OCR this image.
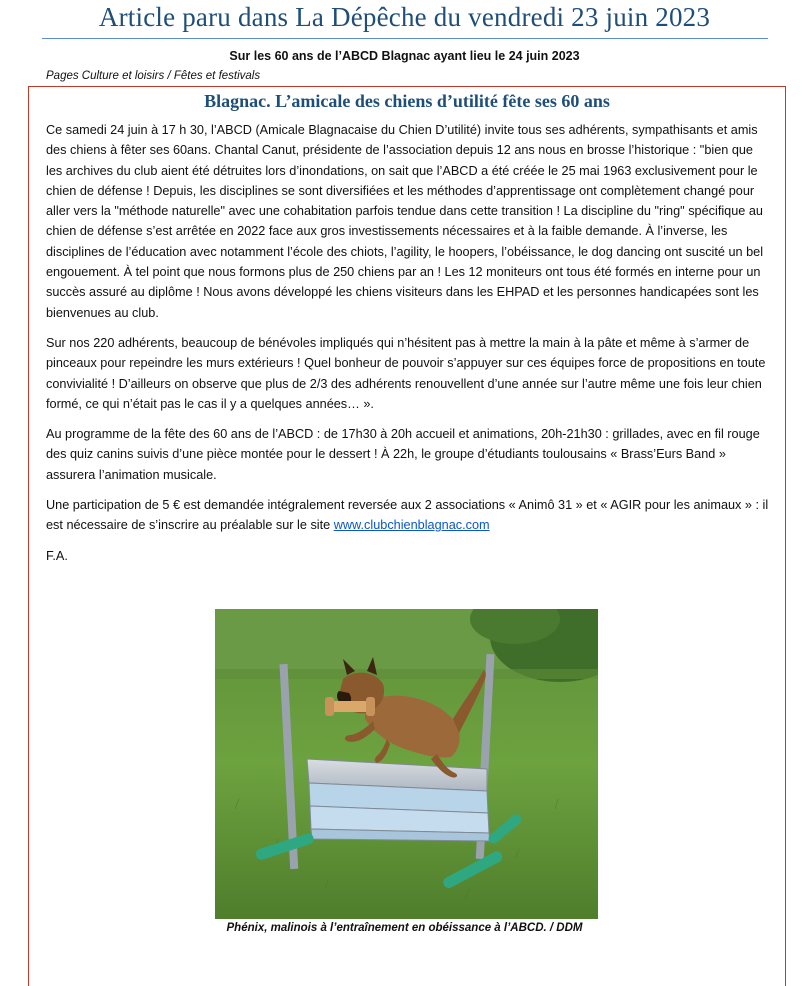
Article paru dans La Dépêche du vendredi 23 juin 2023
Sur les 60 ans de l’ABCD Blagnac ayant lieu le 24 juin 2023
Pages Culture et loisirs / Fêtes et festivals
Blagnac. L’amicale des chiens d’utilité fête ses 60 ans

Ce samedi 24 juin à 17 h 30, l’ABCD (Amicale Blagnacaise du Chien D’utilité) invite tous ses adhérents, sympathisants et amis des chiens à fêter ses 60ans. Chantal Canut, présidente de l’association depuis 12 ans nous en brosse l’historique : "bien que les archives du club aient été détruites lors d’inondations, on sait que l’ABCD a été créée le 25 mai 1963 exclusivement pour le chien de défense ! Depuis, les disciplines se sont diversifiées et les méthodes d’apprentissage ont complètement changé pour aller vers la "méthode naturelle" avec une cohabitation parfois tendue dans cette transition ! La discipline du "ring" spécifique au chien de défense s’est arrêtée en 2022 face aux gros investissements nécessaires et à la faible demande. À l’inverse, les disciplines de l’éducation avec notamment l’école des chiots, l’agility, le hoopers, l’obéissance, le dog dancing ont suscité un bel engouement. À tel point que nous formons plus de 250 chiens par an ! Les 12 moniteurs ont tous été formés en interne pour un succès assuré au diplôme ! Nous avons développé les chiens visiteurs dans les EHPAD et les personnes handicapées sont les bienvenues au club.

Sur nos 220 adhérents, beaucoup de bénévoles impliqués qui n’hésitent pas à mettre la main à la pâte et même à s’armer de pinceaux pour repeindre les murs extérieurs ! Quel bonheur de pouvoir s’appuyer sur ces équipes force de propositions en toute convivialité ! D’ailleurs on observe que plus de 2/3 des adhérents renouvellent d’une année sur l’autre même une fois leur chien formé, ce qui n’était pas le cas il y a quelques années… ».

Au programme de la fête des 60 ans de l’ABCD : de 17h30 à 20h accueil et animations, 20h-21h30 : grillades, avec en fil rouge des quiz canins suivis d’une pièce montée pour le dessert ! À 22h, le groupe d’étudiants toulousains « Brass’Eurs Band » assurera l’animation musicale.

Une participation de 5 € est demandée intégralement reversée aux 2 associations « Animô 31 » et « AGIR pour les animaux » : il est nécessaire de s’inscrire au préalable sur le site www.clubchienblagnac.com

F.A.

Phénix, malinois à l’entraînement en obéissance à l’ABCD. / DDM
